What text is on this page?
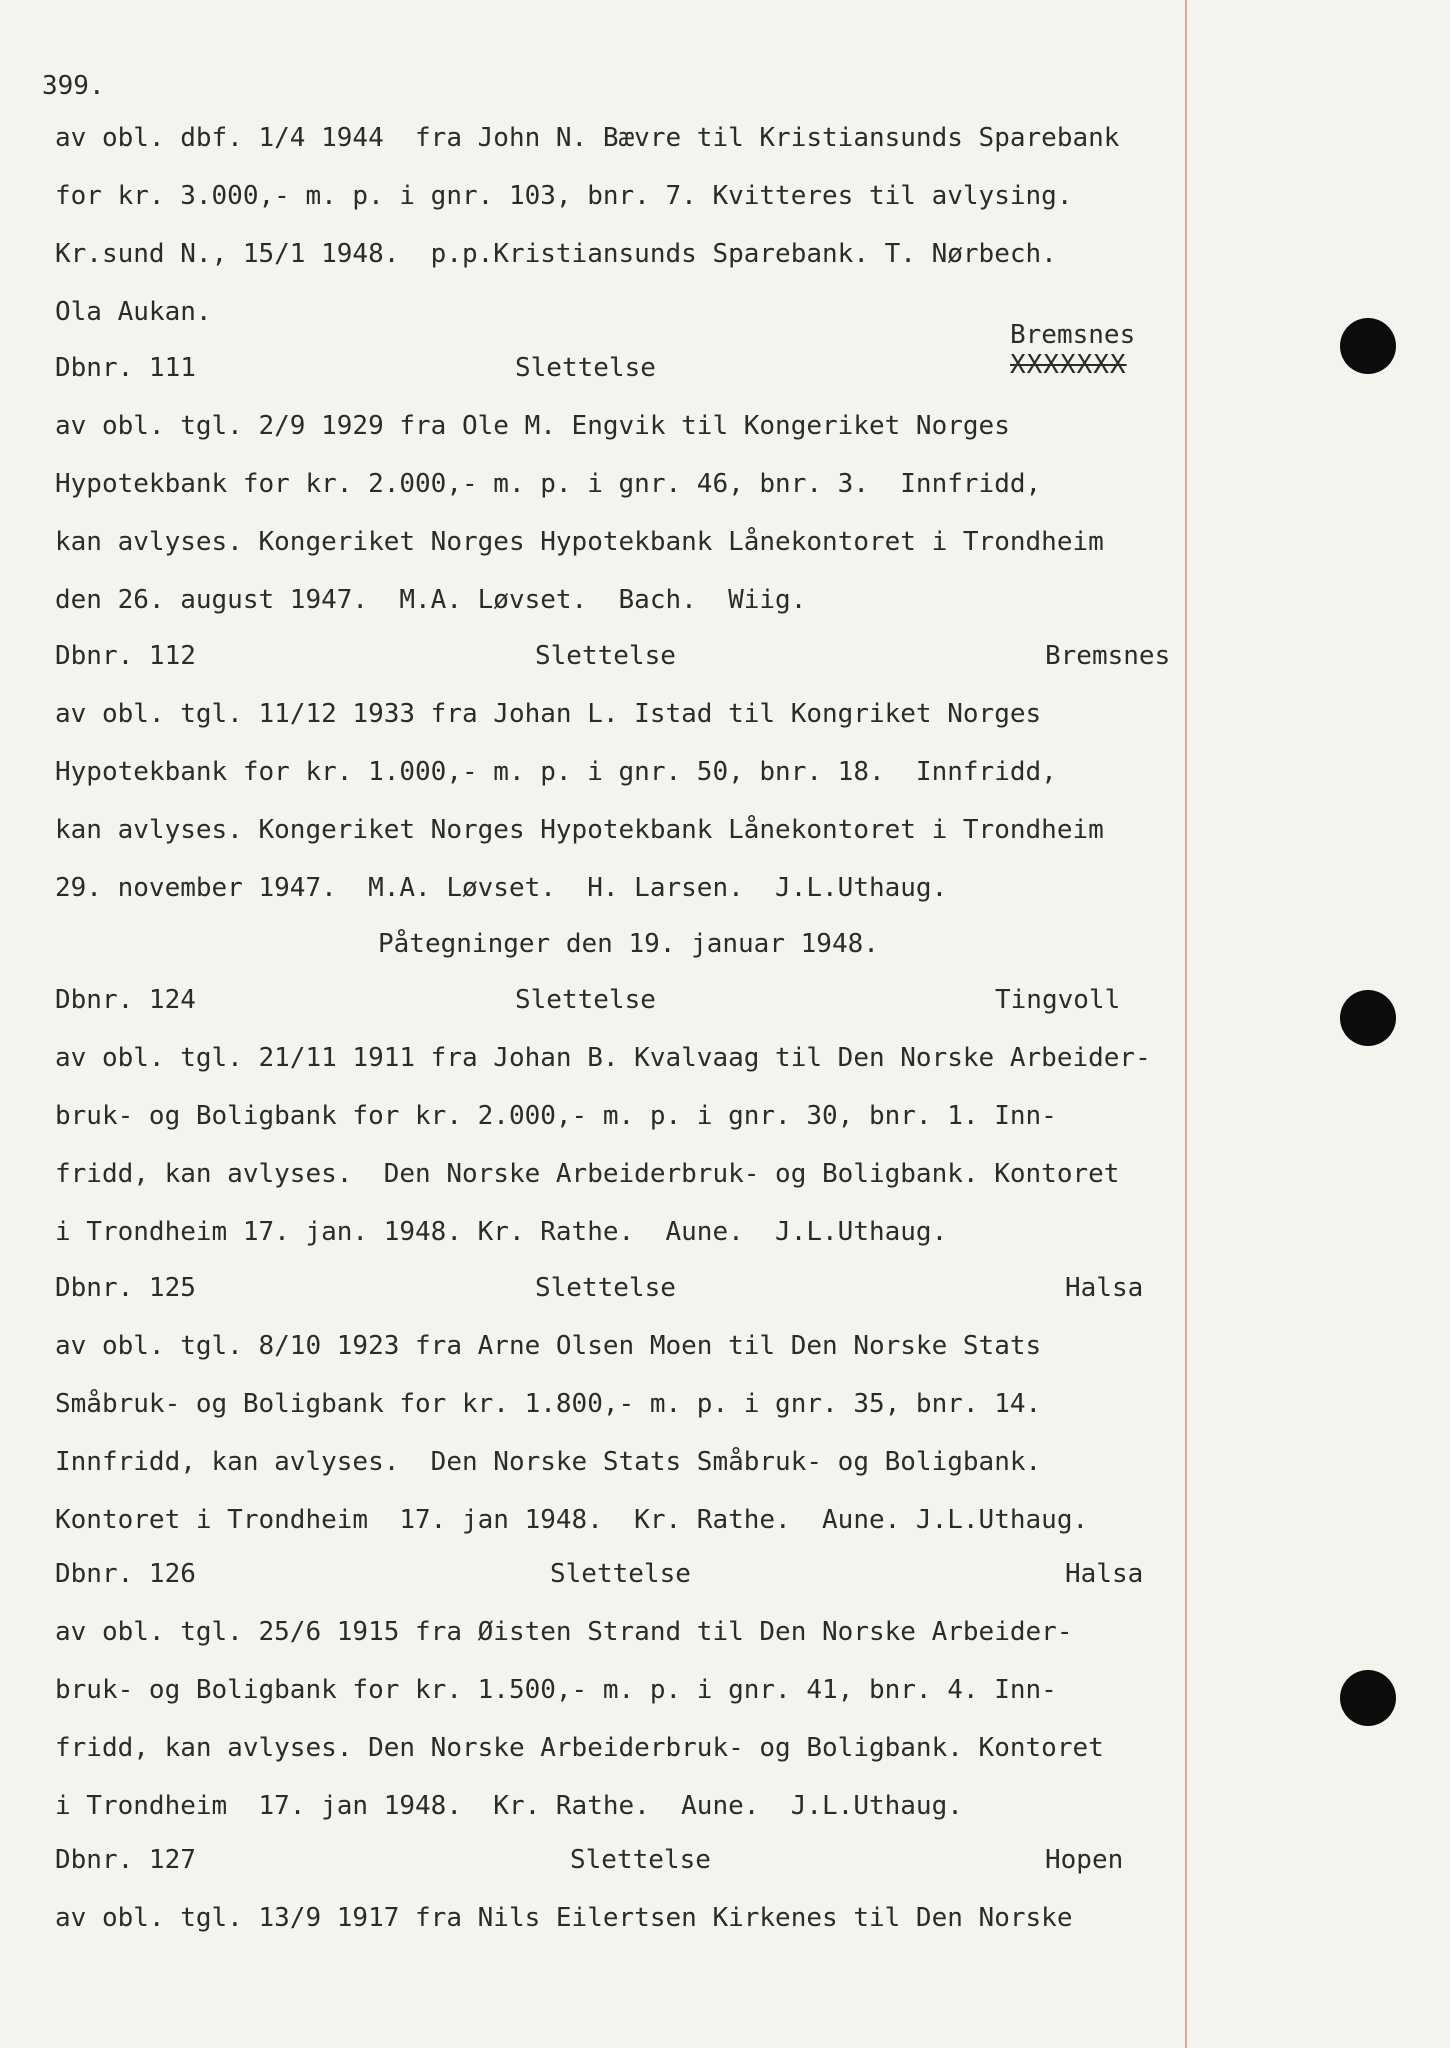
399.
av obl. dbf. 1/4 1944  fra John N. Bævre til Kristiansunds Sparebank
for kr. 3.000,- m. p. i gnr. 103, bnr. 7. Kvitteres til avlysing.
Kr.sund N., 15/1 1948.  p.p.Kristiansunds Sparebank. T. Nørbech.
Ola Aukan.
Bremsnes
XXXXXXX
Dbnr. 111	Slettelse
av obl. tgl. 2/9 1929 fra Ole M. Engvik til Kongeriket Norges
Hypotekbank for kr. 2.000,- m. p. i gnr. 46, bnr. 3.  Innfridd,
kan avlyses. Kongeriket Norges Hypotekbank Lånekontoret i Trondheim
den 26. august 1947.  M.A. Løvset.  Bach.  Wiig.
Dbnr. 112	Slettelse	Bremsnes
av obl. tgl. 11/12 1933 fra Johan L. Istad til Kongriket Norges
Hypotekbank for kr. 1.000,- m. p. i gnr. 50, bnr. 18.  Innfridd,
kan avlyses. Kongeriket Norges Hypotekbank Lånekontoret i Trondheim
29. november 1947.  M.A. Løvset.  H. Larsen.  J.L.Uthaug.
Påtegninger den 19. januar 1948.
Dbnr. 124	Slettelse	Tingvoll
av obl. tgl. 21/11 1911 fra Johan B. Kvalvaag til Den Norske Arbeider-
bruk- og Boligbank for kr. 2.000,- m. p. i gnr. 30, bnr. 1. Inn-
fridd, kan avlyses.  Den Norske Arbeiderbruk- og Boligbank. Kontoret
i Trondheim 17. jan. 1948. Kr. Rathe.  Aune.  J.L.Uthaug.
Dbnr. 125	Slettelse	Halsa
av obl. tgl. 8/10 1923 fra Arne Olsen Moen til Den Norske Stats
Småbruk- og Boligbank for kr. 1.800,- m. p. i gnr. 35, bnr. 14.
Innfridd, kan avlyses.  Den Norske Stats Småbruk- og Boligbank.
Kontoret i Trondheim  17. jan 1948.  Kr. Rathe.  Aune. J.L.Uthaug.
Dbnr. 126	Slettelse	Halsa
av obl. tgl. 25/6 1915 fra Øisten Strand til Den Norske Arbeider-
bruk- og Boligbank for kr. 1.500,- m. p. i gnr. 41, bnr. 4. Inn-
fridd, kan avlyses. Den Norske Arbeiderbruk- og Boligbank. Kontoret
i Trondheim  17. jan 1948.  Kr. Rathe.  Aune.  J.L.Uthaug.
Dbnr. 127	Slettelse	Hopen
av obl. tgl. 13/9 1917 fra Nils Eilertsen Kirkenes til Den Norske
